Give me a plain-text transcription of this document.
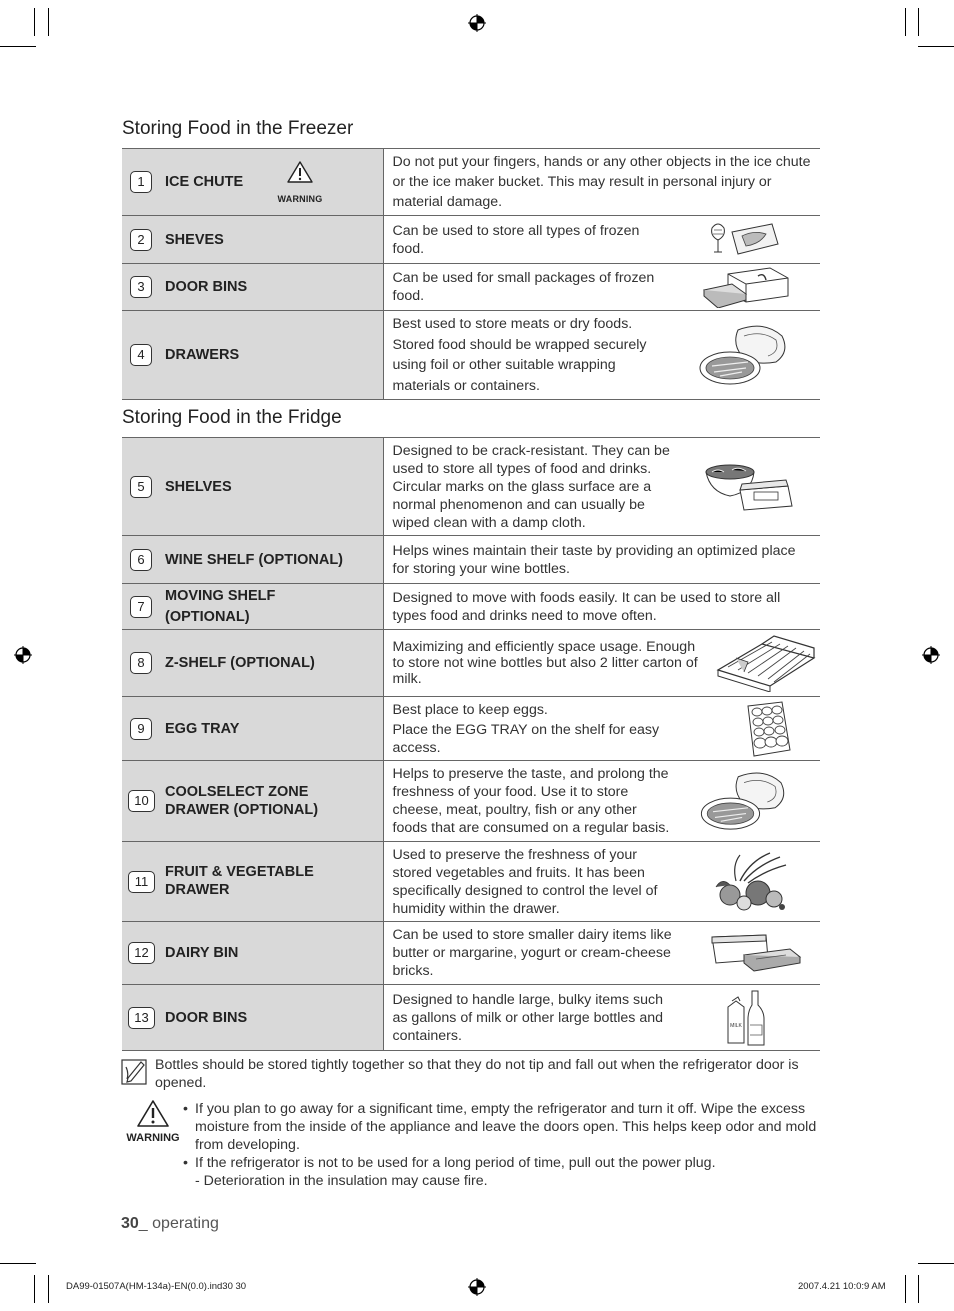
Storing Food in the Freezer
1 ICE CHUTE
WARNING	Do not put your fingers, hands or any other objects in the ice chute or the ice maker bucket. This may result in personal injury or material damage.

2 SHEVES	Can be used to store all types of frozen food.

3 DOOR BINS	Can be used for small packages of frozen food.

4 DRAWERS	Best used to store meats or dry foods. Stored food should be wrapped securely using foil or other suitable wrapping materials or containers.
Storing Food in the Fridge
5 SHELVES	Designed to be crack-resistant. They can be used to store all types of food and drinks. Circular marks on the glass surface are a normal phenomenon and can usually be wiped clean with a damp cloth.

6 WINE SHELF (OPTIONAL)	Helps wines maintain their taste by providing an optimized place for storing your wine bottles.

7
MOVING SHELF (OPTIONAL)	Designed to move with foods easily. It can be used to store all types food and drinks need to move often.

8 Z-SHELF (OPTIONAL)	Maximizing and efficiently space usage. Enough to store not wine bottles but also 2 litter carton of milk.

9 EGG TRAY	Best place to keep eggs.
Place the EGG TRAY on the shelf for easy access.

10
COOLSELECT ZONE DRAWER (OPTIONAL)	Helps to preserve the taste, and prolong the freshness of your food. Use it to store cheese, meat, poultry, fish or any other foods that are consumed on a regular basis.

11
FRUIT & VEGETABLE DRAWER	Used to preserve the freshness of your stored vegetables and fruits. It has been specifically designed to control the level of humidity within the drawer.

12 DAIRY BIN	Can be used to store smaller dairy items like butter or margarine, yogurt or cream-cheese bricks.

13 DOOR BINS	Designed to handle large, bulky items such as gallons of milk or other large bottles and containers.
MILK
Bottles should be stored tightly together so that they do not tip and fall out when the refrigerator door is opened.
WARNING
• If you plan to go away for a significant time, empty the refrigerator and turn it off. Wipe the excess moisture from the inside of the appliance and leave the doors open. This helps keep odor and mold from developing.
• If the refrigerator is not to be used for a long period of time, pull out the power plug.
- Deterioration in the insulation may cause fire.
30_ operating
DA99-01507A(HM-134a)-EN(0.0).ind30 30	2007.4.21 10:0:9 AM
